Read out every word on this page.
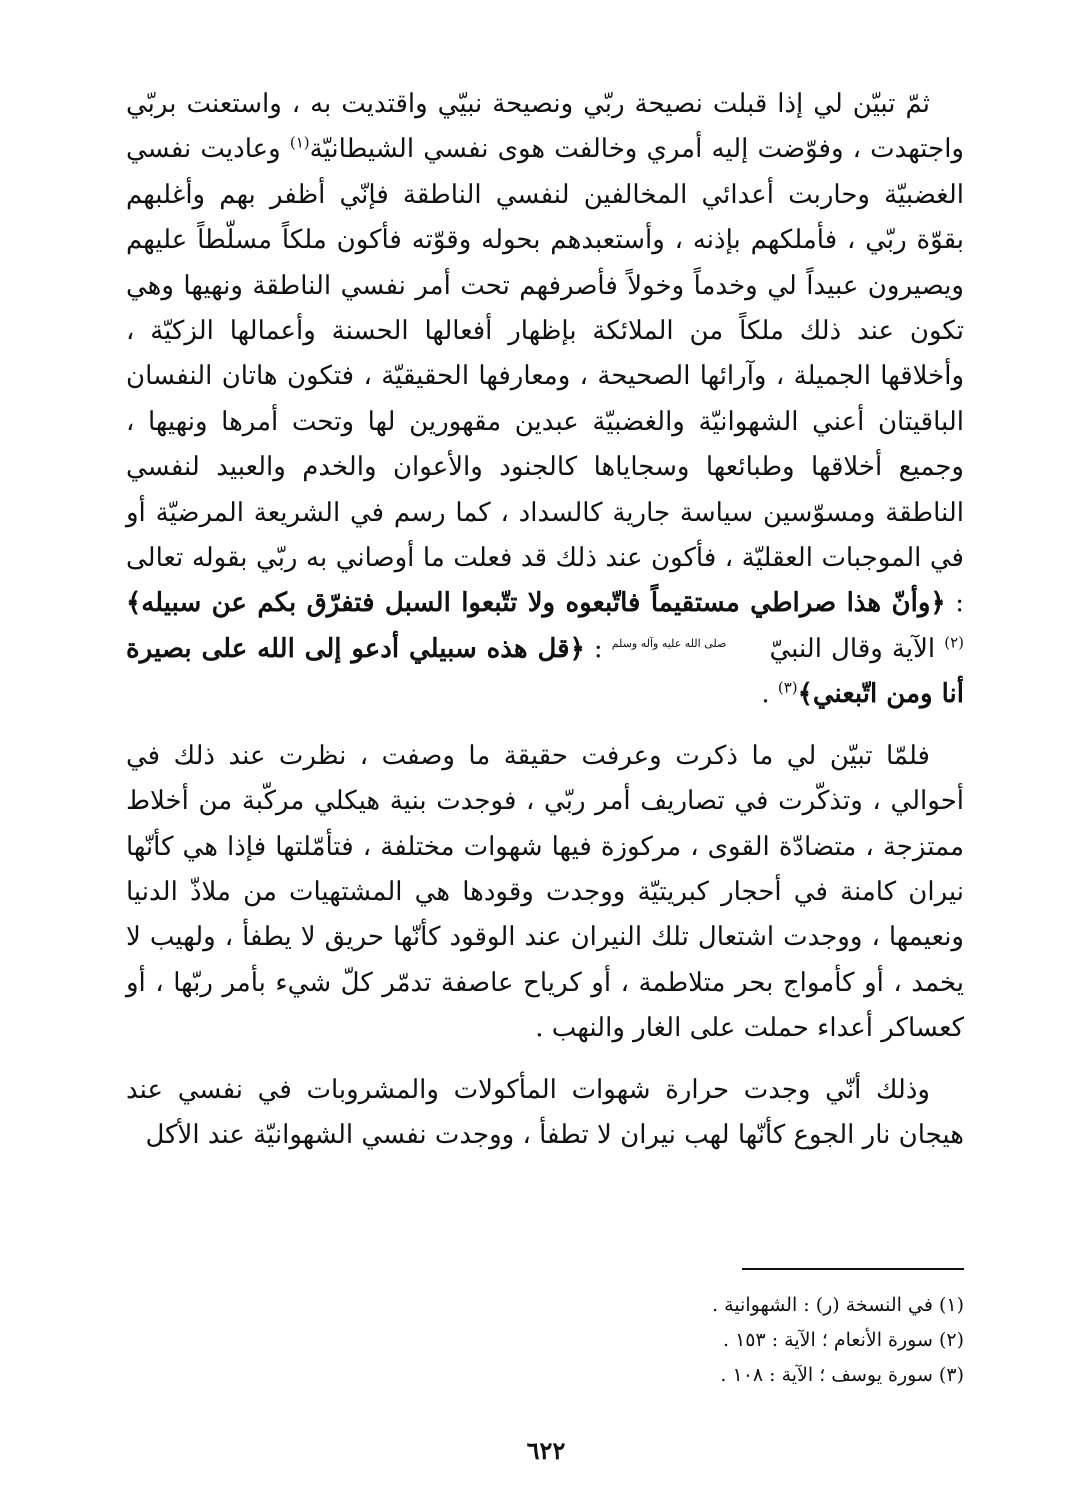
ثمّ تبيّن لي إذا قبلت نصيحة ربّي ونصيحة نبيّي واقتديت به ، واستعنت بربّي واجتهدت ، وفوّضت إليه أمري وخالفت هوى نفسي الشيطانيّة$^{(١)}$ وعاديت نفسي الغضبيّة وحاربت أعدائي المخالفين لنفسي الناطقة فإنّي أظفر بهم وأغلبهم بقوّة ربّي ، فأملكهم بإذنه ، وأستعبدهم بحوله وقوّته فأكون ملكاً مسلّطاً عليهم ويصيرون عبيداً لي وخدماً وخولاً فأصرفهم تحت أمر نفسي الناطقة ونهيها وهي تكون عند ذلك ملكاً من الملائكة بإظهار أفعالها الحسنة وأعمالها الزكيّة ، وأخلاقها الجميلة ، وآرائها الصحيحة ، ومعارفها الحقيقيّة ، فتكون هاتان النفسان الباقيتان أعني الشهوانيّة والغضبيّة عبدين مقهورين لها وتحت أمرها ونهيها ، وجميع أخلاقها وطبائعها وسجاياها كالجنود والأعوان والخدم والعبيد لنفسي الناطقة ومسوّسين سياسة جارية كالسداد ، كما رسم في الشريعة المرضيّة أو في الموجبات العقليّة ، فأكون عند ذلك قد فعلت ما أوصاني به ربّي بقوله تعالى : ﴿وأنّ هذا صراطي مستقيماً فاتّبعوه ولا تتّبعوا السبل فتفرّق بكم عن سبيله﴾$^{(٢)}$ الآية وقال النبيّ صلى الله عليه وآله وسلم : ﴿قل هذه سبيلي أدعو إلى الله على بصيرة أنا ومن اتّبعني﴾$^{(٣)}$ .

فلمّا تبيّن لي ما ذكرت وعرفت حقيقة ما وصفت ، نظرت عند ذلك في أحوالي ، وتذكّرت في تصاريف أمر ربّي ، فوجدت بنية هيكلي مركّبة من أخلاط ممتزجة ، متضادّة القوى ، مركوزة فيها شهوات مختلفة ، فتأمّلتها فإذا هي كأنّها نيران كامنة في أحجار كبريتيّة ووجدت وقودها هي المشتهيات من ملاذّ الدنيا ونعيمها ، ووجدت اشتعال تلك النيران عند الوقود كأنّها حريق لا يطفأ ، ولهيب لا يخمد ، أو كأمواج بحر متلاطمة ، أو كرياح عاصفة تدمّر كلّ شيء بأمر ربّها ، أو كعساكر أعداء حملت على الغار والنهب .

وذلك أنّي وجدت حرارة شهوات المأكولات والمشروبات في نفسي عند هيجان نار الجوع كأنّها لهب نيران لا تطفأ ، ووجدت نفسي الشهوانيّة عند الأكل

(١) في النسخة (ر) : الشهوانية .

(٢) سورة الأنعام ؛ الآية : ١٥٣ .

(٣) سورة يوسف ؛ الآية : ١٠٨ .

٦٢٢
